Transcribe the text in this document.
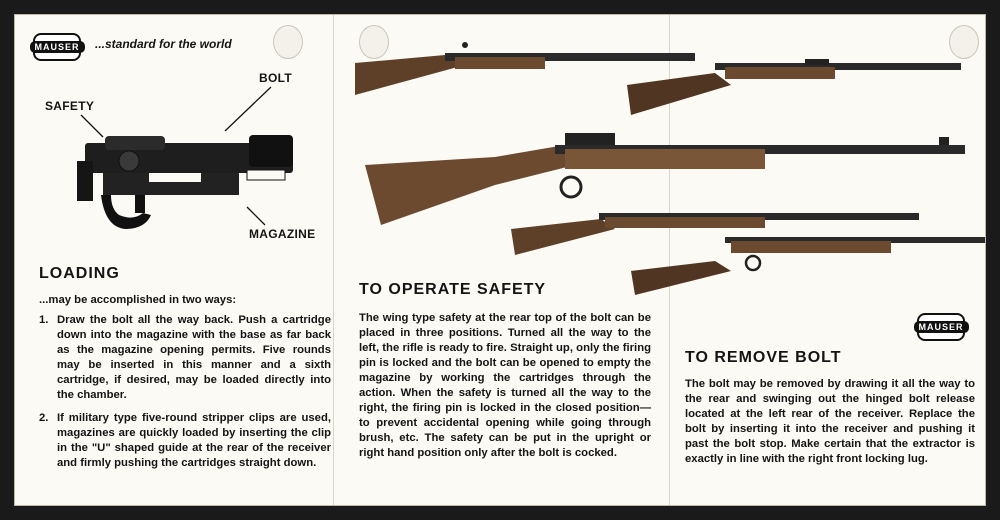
MAUSER	...standard for the world
BOLT
SAFETY
MAGAZINE
LOADING
...may be accomplished in two ways:
1. Draw the bolt all the way back. Push a cartridge down into the magazine with the base as far back as the magazine opening permits. Five rounds may be inserted in this manner and a sixth cartridge, if desired, may be loaded directly into the chamber.
2. If military type five-round stripper clips are used, magazines are quickly loaded by inserting the clip in the "U" shaped guide at the rear of the receiver and firmly pushing the cartridges straight down.
TO OPERATE SAFETY
The wing type safety at the rear top of the bolt can be placed in three positions. Turned all the way to the left, the rifle is ready to fire. Straight up, only the firing pin is locked and the bolt can be opened to empty the magazine by working the cartridges through the action. When the safety is turned all the way to the right, the firing pin is locked in the closed position—to prevent accidental opening while going through brush, etc. The safety can be put in the upright or right hand position only after the bolt is cocked.
MAUSER
TO REMOVE BOLT
The bolt may be removed by drawing it all the way to the rear and swinging out the hinged bolt release located at the left rear of the receiver. Replace the bolt by inserting it into the receiver and pushing it past the bolt stop. Make certain that the extractor is exactly in line with the right front locking lug.
